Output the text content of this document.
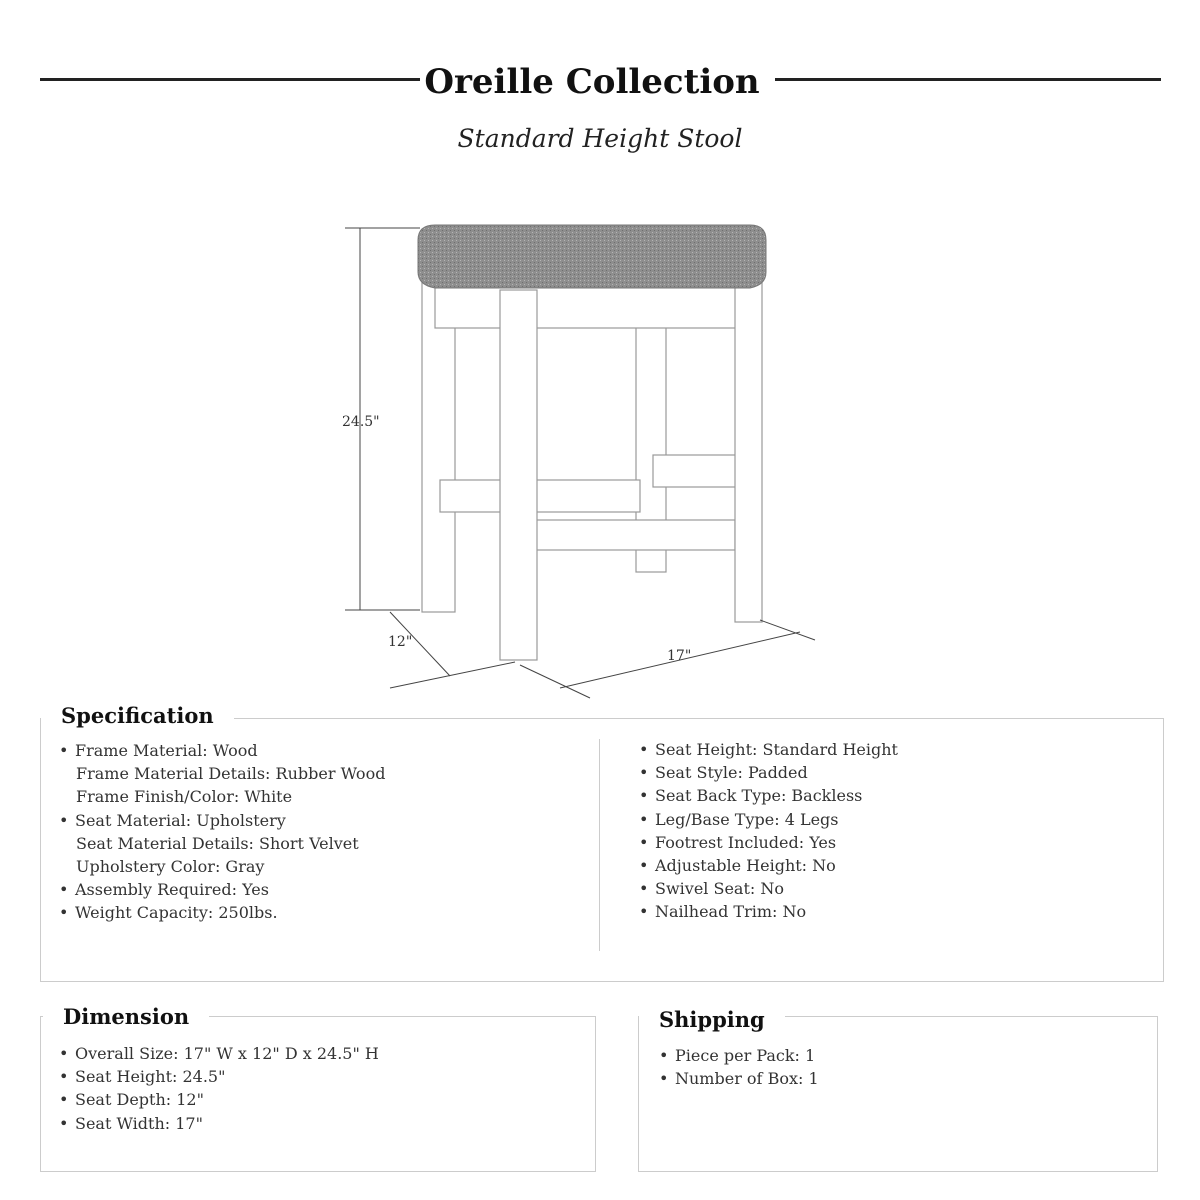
Oreille Collection
Standard Height Stool
24.5"
12"
17"
Specification
• Frame Material: Wood
Frame Material Details: Rubber Wood
Frame Finish/Color: White
• Seat Material: Upholstery
Seat Material Details: Short Velvet
Upholstery Color: Gray
• Assembly Required: Yes
• Weight Capacity: 250lbs.
• Seat Height: Standard Height
• Seat Style: Padded
• Seat Back Type: Backless
• Leg/Base Type: 4 Legs
• Footrest Included: Yes
• Adjustable Height: No
• Swivel Seat: No
• Nailhead Trim: No
Dimension
• Overall Size: 17" W x 12" D x 24.5" H
• Seat Height: 24.5"
• Seat Depth: 12"
• Seat Width: 17"
Shipping
• Piece per Pack: 1
• Number of Box: 1
